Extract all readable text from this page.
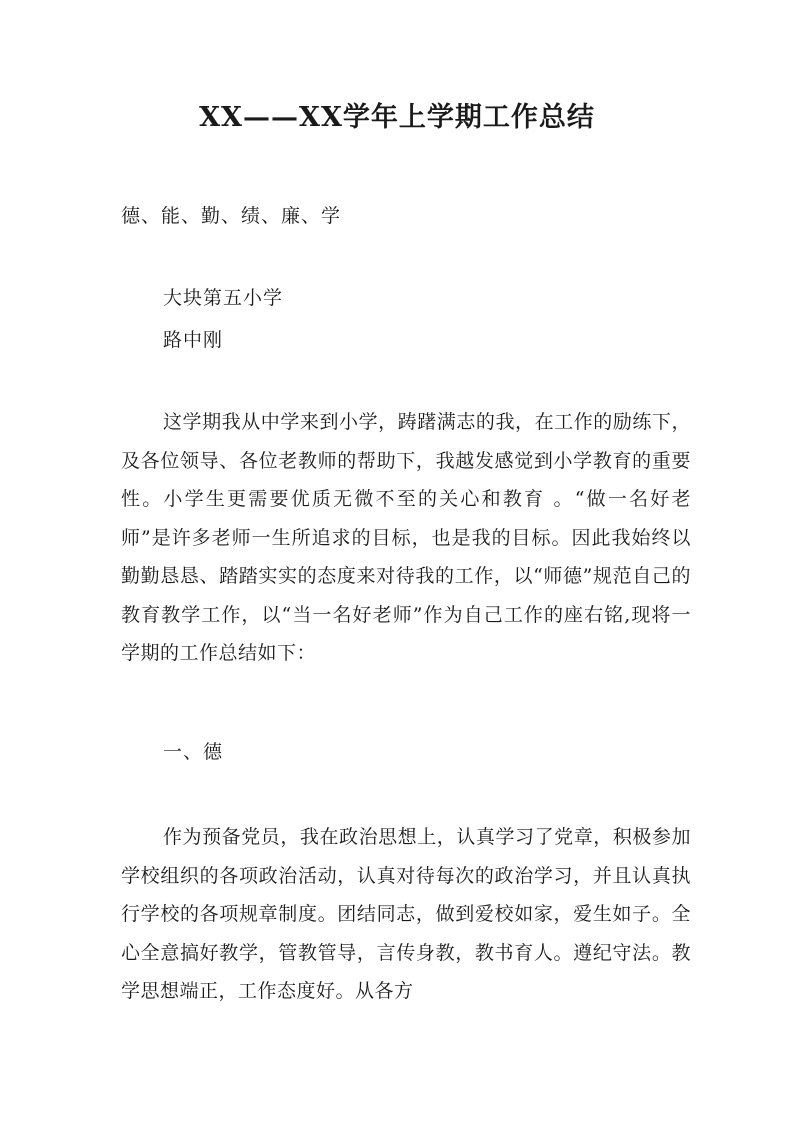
XX——XX学年上学期工作总结
德、能、勤、绩、廉、学
大块第五小学
路中刚

这学期我从中学来到小学，踌躇满志的我，在工作的励练下，及各位领导、各位老教师的帮助下，我越发感觉到小学教育的重要性。小学生更需要优质无微不至的关心和教育 。“做一名好老师”是许多老师一生所追求的目标，也是我的目标。因此我始终以勤勤恳恳、踏踏实实的态度来对待我的工作，以“师德”规范自己的教育教学工作，以“当一名好老师”作为自己工作的座右铭,现将一学期的工作总结如下：

一、德

作为预备党员，我在政治思想上，认真学习了党章，积极参加学校组织的各项政治活动，认真对待每次的政治学习，并且认真执行学校的各项规章制度。团结同志，做到爱校如家，爱生如子。全心全意搞好教学，管教管导，言传身教，教书育人。遵纪守法。教学思想端正，工作态度好。从各方
